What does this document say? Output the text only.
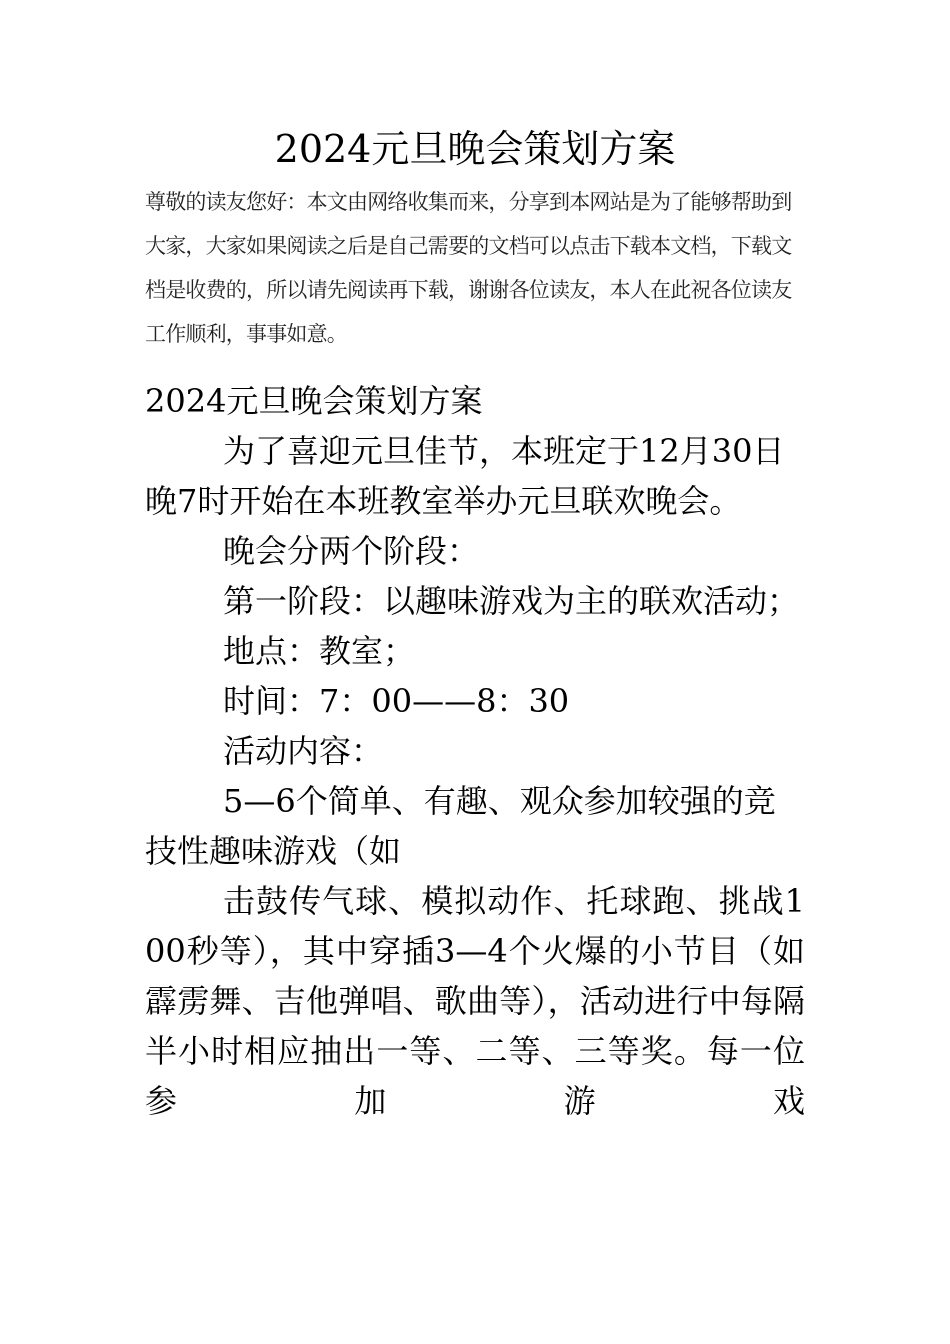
2024元旦晚会策划方案
尊敬的读友您好：本文由网络收集而来，分享到本网站是为了能够帮助到大家，大家如果阅读之后是自己需要的文档可以点击下载本文档，下载文档是收费的，所以请先阅读再下载，谢谢各位读友，本人在此祝各位读友工作顺利，事事如意。

2024元旦晚会策划方案

为了喜迎元旦佳节，本班定于12月30日晚7时开始在本班教室举办元旦联欢晚会。

晚会分两个阶段：

第一阶段：以趣味游戏为主的联欢活动；

地点：教室；

时间：7：00——8：30

活动内容：

5—6个简单、有趣、观众参加较强的竞技性趣味游戏（如

击鼓传气球、模拟动作、托球跑、挑战100秒等），其中穿插3—4个火爆的小节目（如霹雳舞、吉他弹唱、歌曲等），活动进行中每隔半小时相应抽出一等、二等、三等奖。每一位参加游戏
